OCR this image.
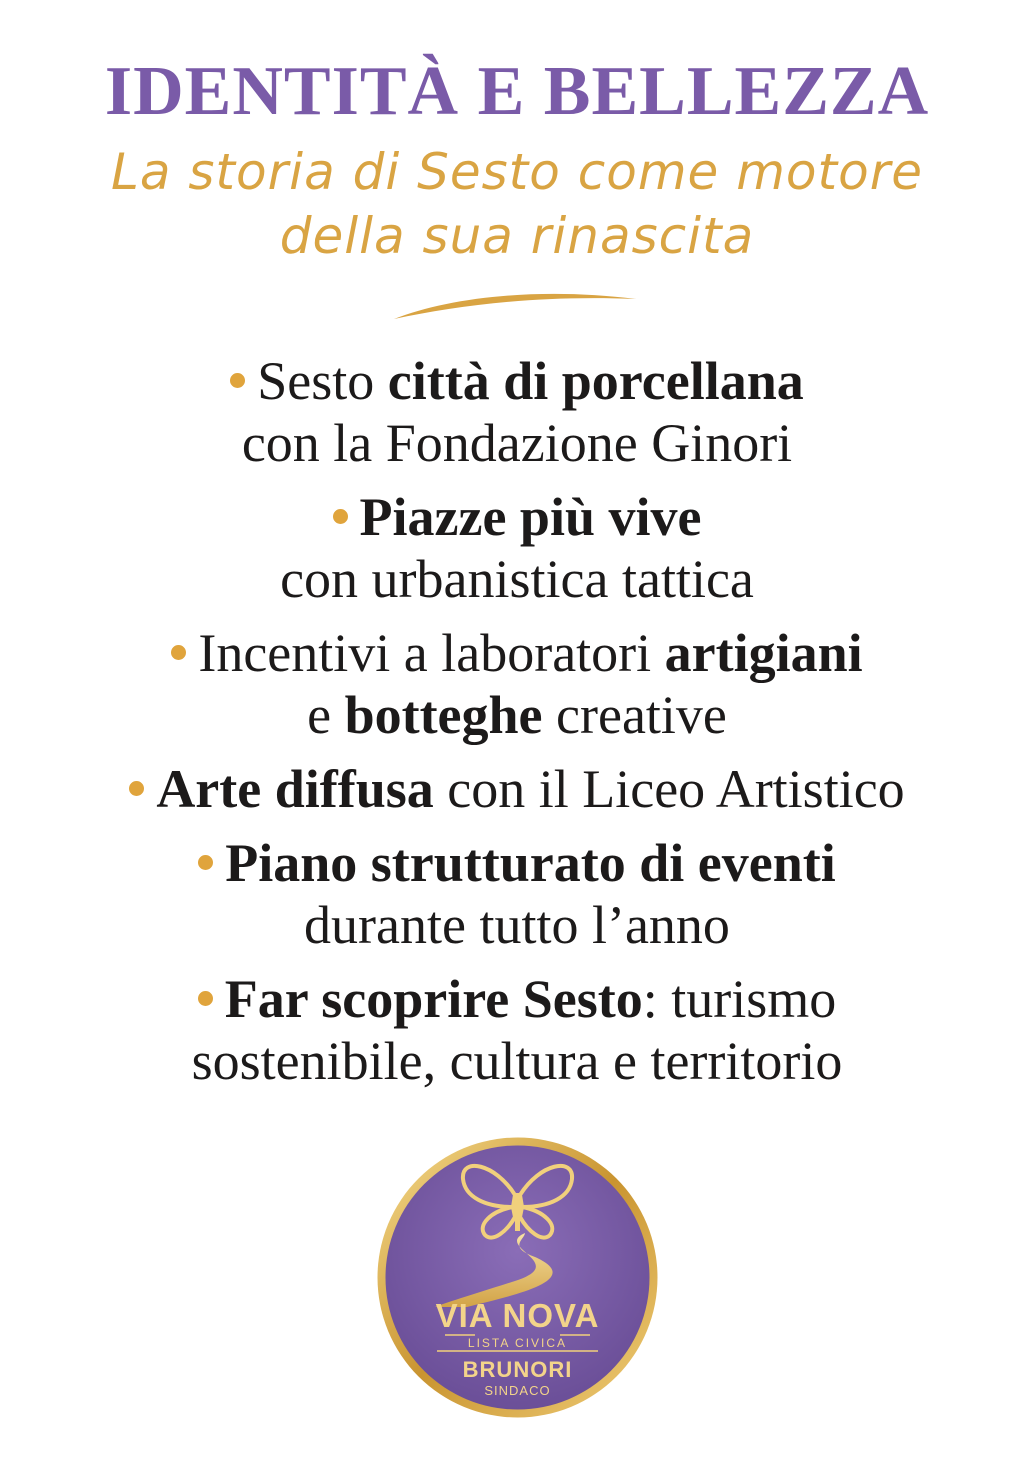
IDENTITÀ E BELLEZZA
La storia di Sesto come motore
della sua rinascita
Sesto città di porcellana
con la Fondazione Ginori
Piazze più vive
con urbanistica tattica
Incentivi a laboratori artigiani
e botteghe creative
Arte diffusa con il Liceo Artistico
Piano strutturato di eventi
durante tutto l’anno
Far scoprire Sesto: turismo
sostenibile, cultura e territorio
VIA NOVA
LISTA CIVICA
BRUNORI
SINDACO
